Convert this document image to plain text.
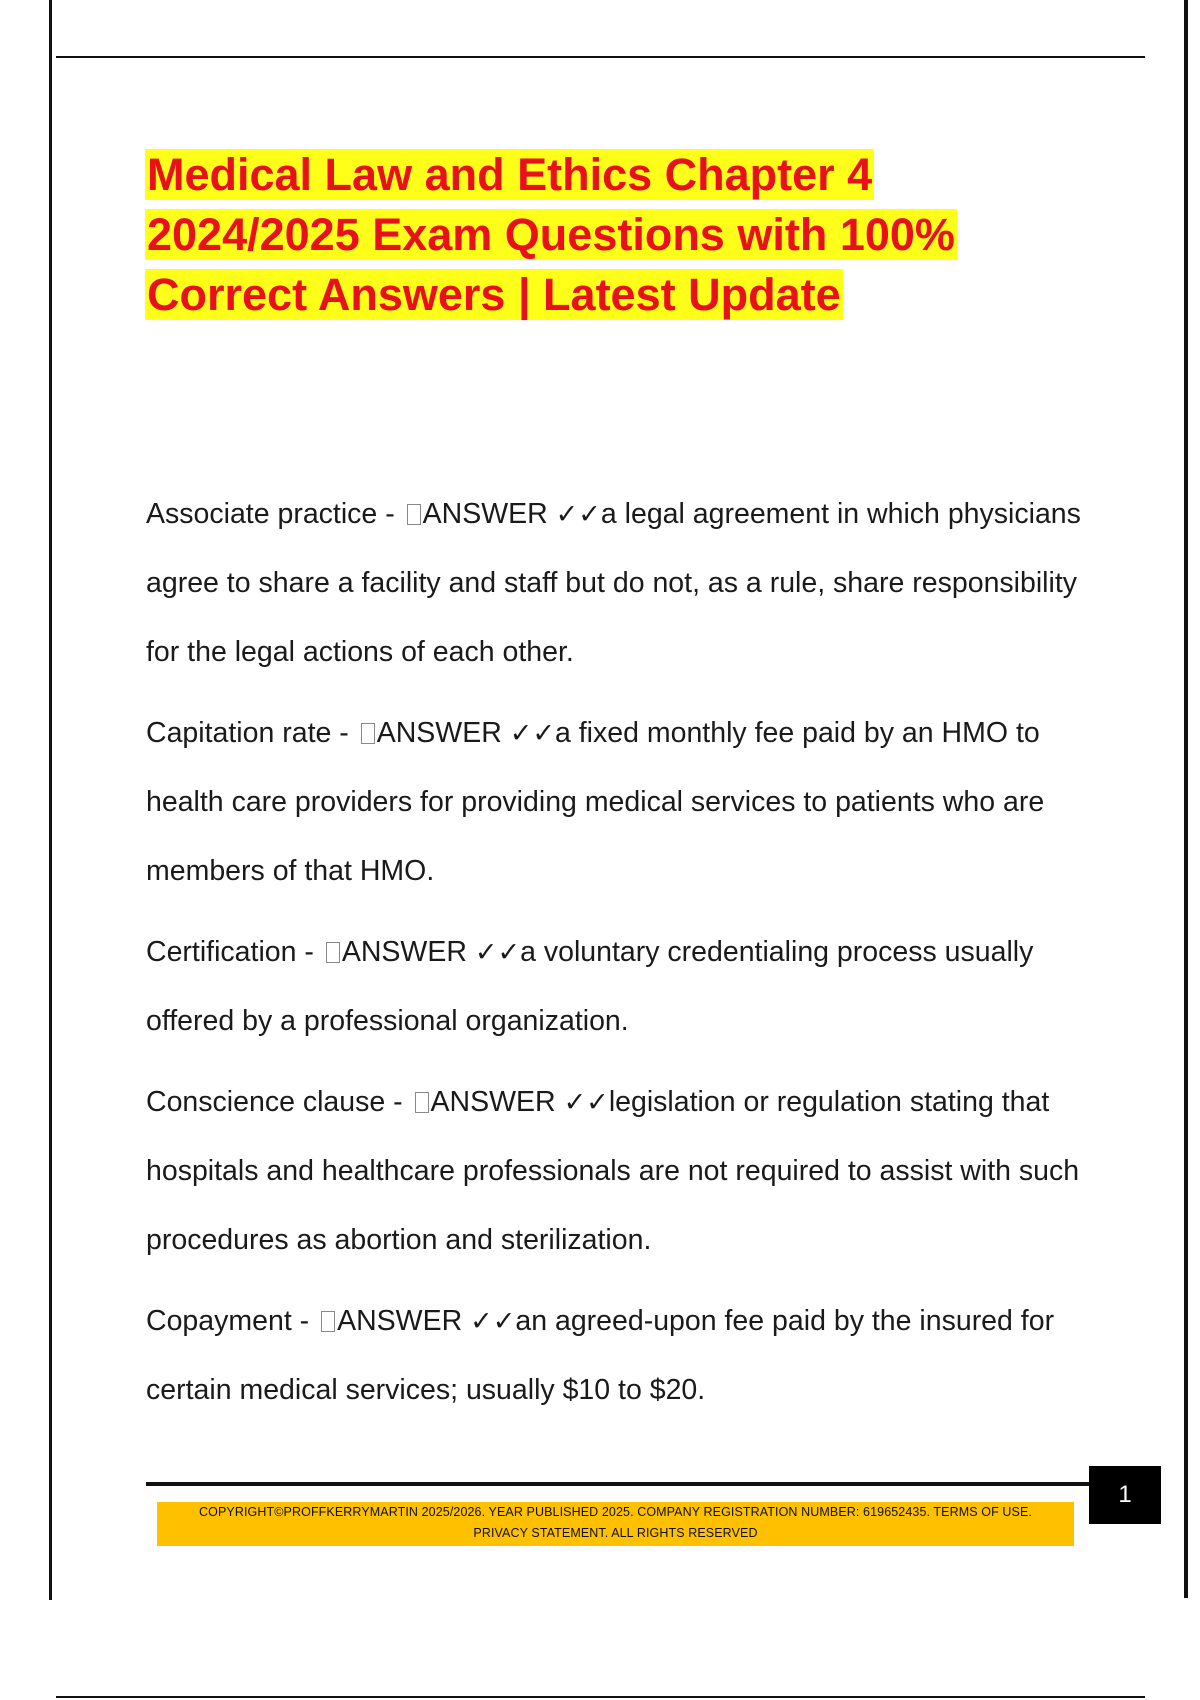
Medical Law and Ethics Chapter 4
2024/2025 Exam Questions with 100%
Correct Answers | Latest Update

Associate practice - ANSWER ✓✓a legal agreement in which physicians agree to share a facility and staff but do not, as a rule, share responsibility for the legal actions of each other.

Capitation rate - ANSWER ✓✓a fixed monthly fee paid by an HMO to health care providers for providing medical services to patients who are members of that HMO.

Certification - ANSWER ✓✓a voluntary credentialing process usually offered by a professional organization.

Conscience clause - ANSWER ✓✓legislation or regulation stating that hospitals and healthcare professionals are not required to assist with such procedures as abortion and sterilization.

Copayment - ANSWER ✓✓an agreed-upon fee paid by the insured for certain medical services; usually $10 to $20.

1
COPYRIGHT©PROFFKERRYMARTIN 2025/2026. YEAR PUBLISHED 2025. COMPANY REGISTRATION NUMBER: 619652435. TERMS OF USE.
PRIVACY STATEMENT. ALL RIGHTS RESERVED
